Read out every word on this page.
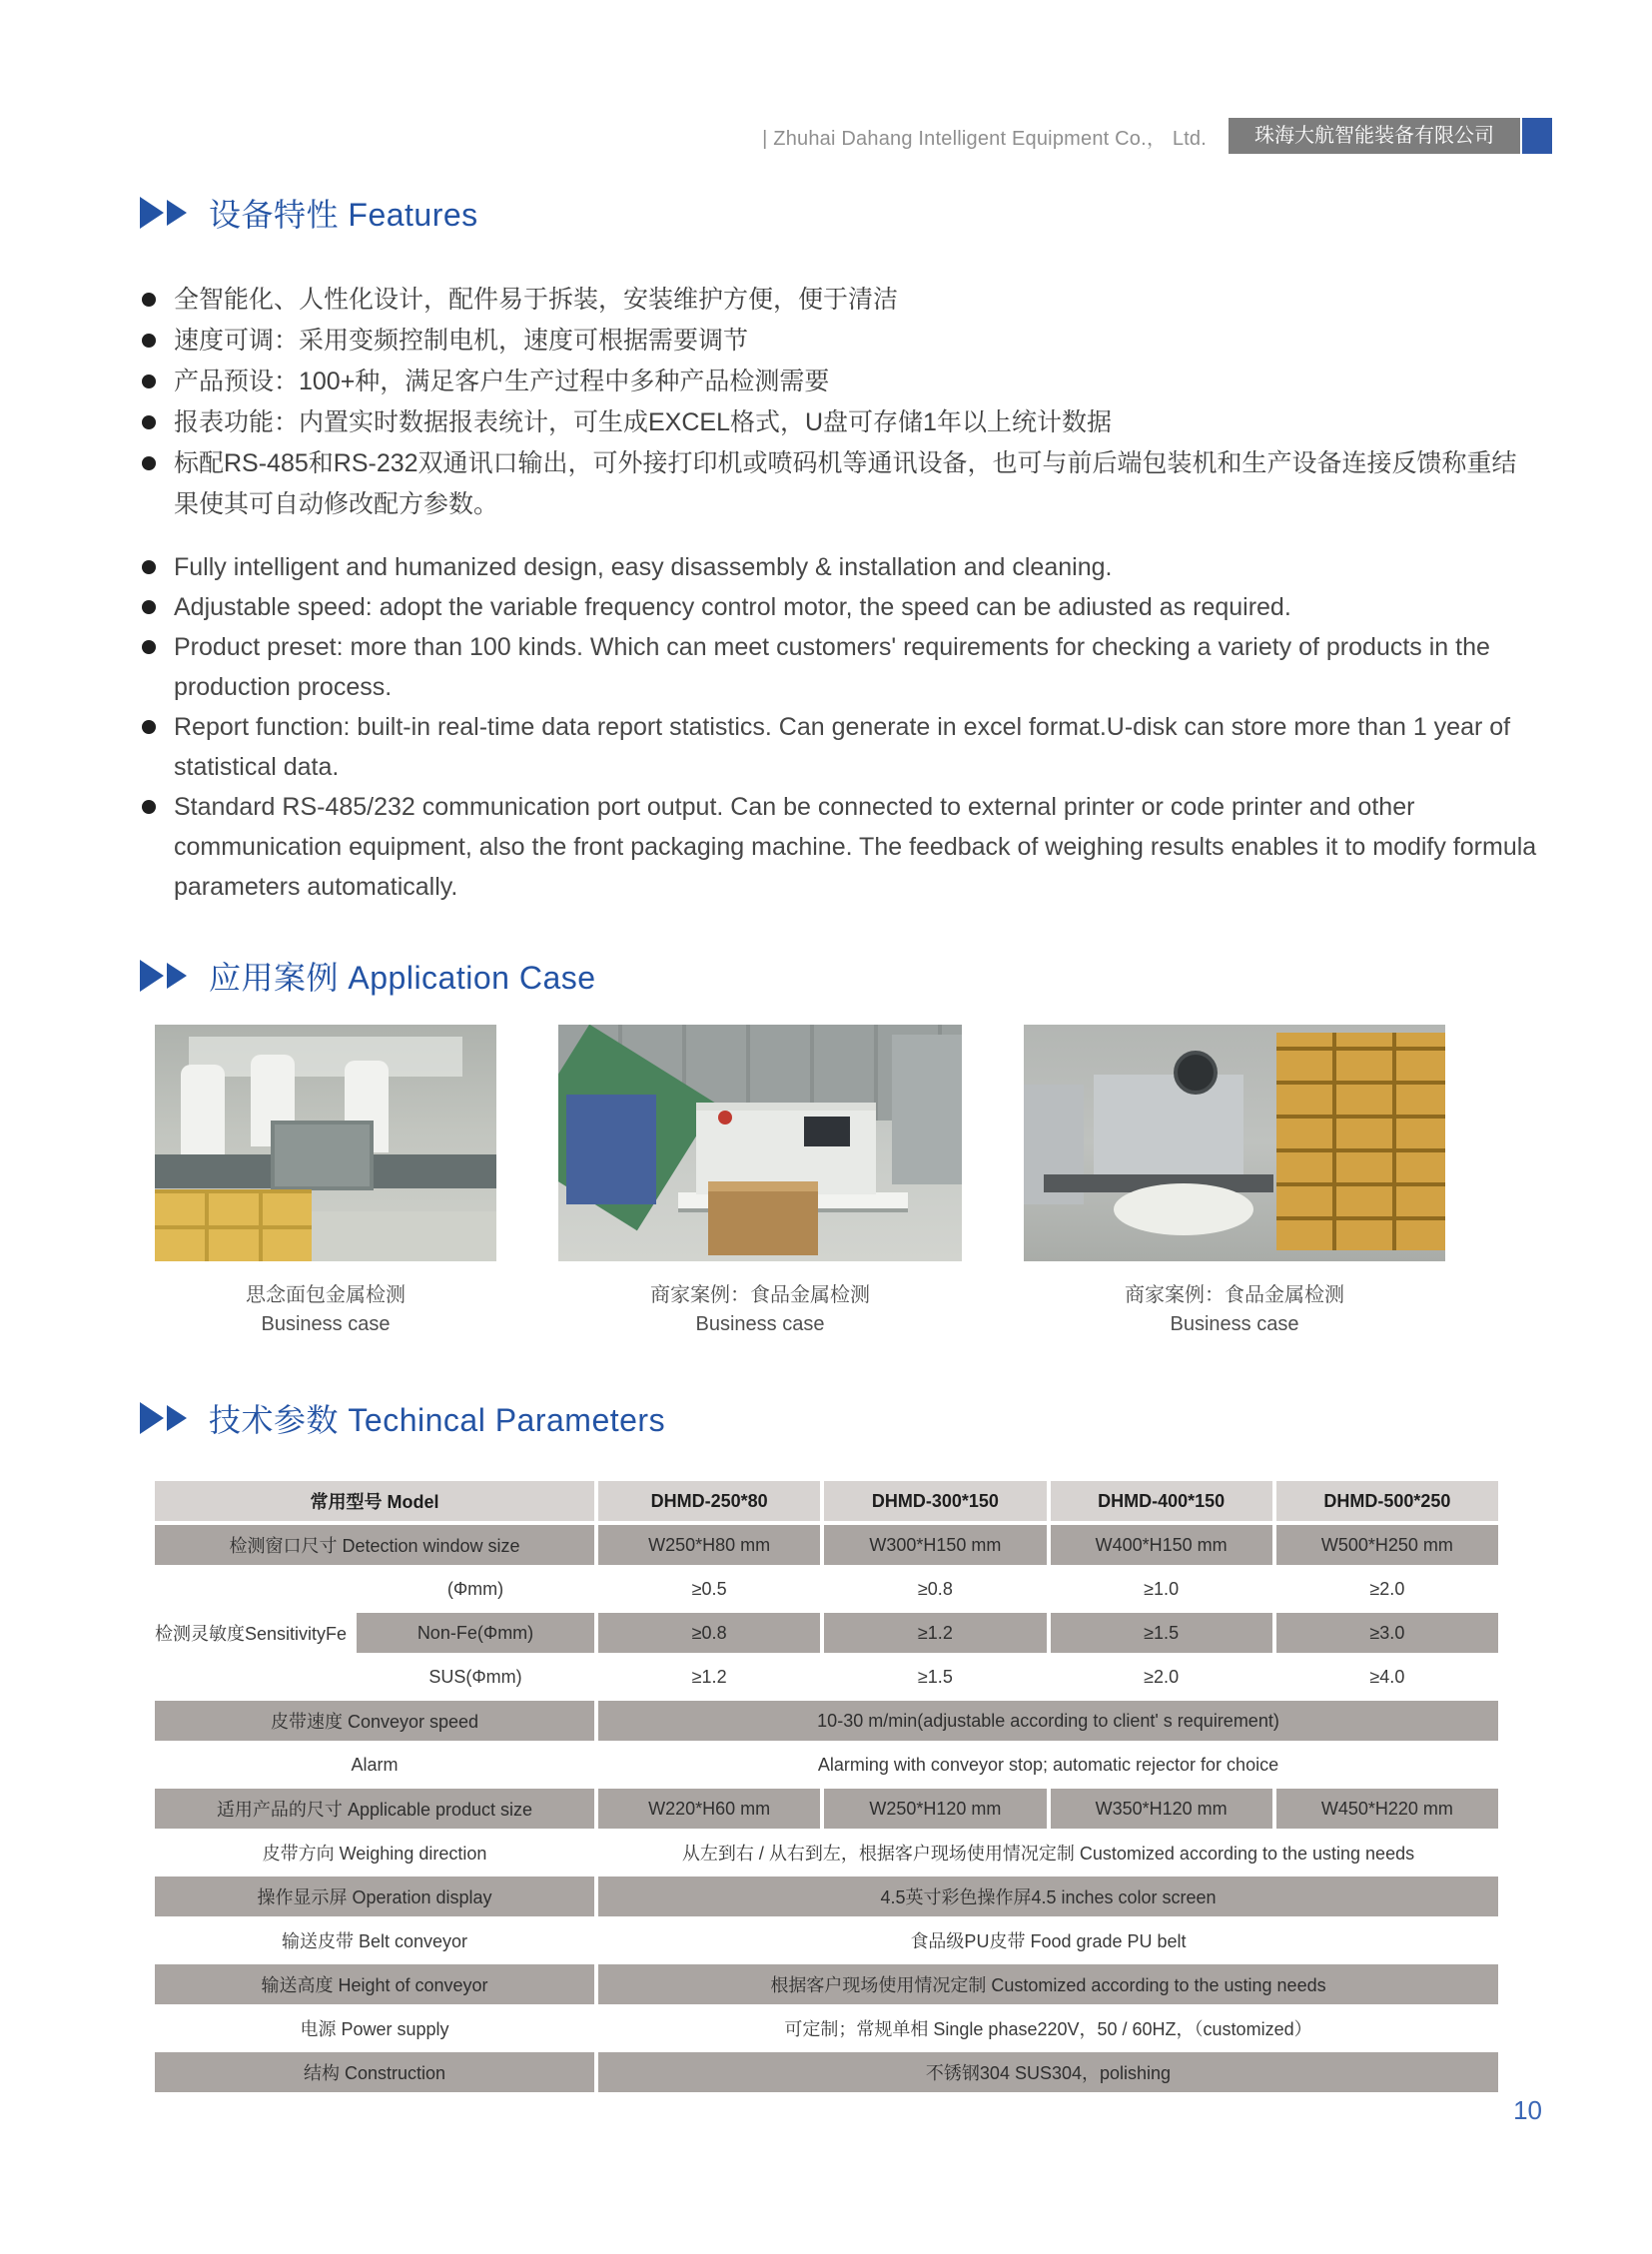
| Zhuhai Dahang Intelligent Equipment Co.， Ltd.	珠海大航智能装备有限公司
设备特性 Features
全智能化、人性化设计，配件易于拆装，安装维护方便，便于清洁
速度可调：采用变频控制电机，速度可根据需要调节
产品预设：100+种，满足客户生产过程中多种产品检测需要
报表功能：内置实时数据报表统计，可生成EXCEL格式，U盘可存储1年以上统计数据
标配RS-485和RS-232双通讯口输出，可外接打印机或喷码机等通讯设备，也可与前后端包装机和生产设备连接反馈称重结果使其可自动修改配方参数。
Fully intelligent and humanized design, easy disassembly & installation and cleaning.
Adjustable speed: adopt the variable frequency control motor, the speed can be adiusted as required.
Product preset: more than 100 kinds. Which can meet customers' requirements for checking a variety of products in the production process.
Report function: built-in real-time data report statistics. Can generate in excel format.U-disk can store more than 1 year of statistical data.
Standard RS-485/232 communication port output. Can be connected to external printer or code printer and other communication equipment, also the front packaging machine. The feedback of weighing results enables it to modify formula parameters automatically.
应用案例 Application Case
思念面包金属检测
Business case
商家案例：食品金属检测
Business case
商家案例：食品金属检测
Business case
技术参数 Techincal Parameters
常用型号 Model	DHMD-250*80	DHMD-300*150	DHMD-400*150	DHMD-500*250
检测窗口尺寸 Detection window size	W250*H80 mm	W300*H150 mm	W400*H150 mm	W500*H250 mm
检测灵敏度SensitivityFe
(Φmm)	≥0.5	≥0.8	≥1.0	≥2.0
Non-Fe(Φmm)	≥0.8	≥1.2	≥1.5	≥3.0
SUS(Φmm)	≥1.2	≥1.5	≥2.0	≥4.0
皮带速度 Conveyor speed	10-30 m/min(adjustable according to client' s requirement)
Alarm	Alarming with conveyor stop; automatic rejector for choice
适用产品的尺寸 Applicable product size	W220*H60 mm	W250*H120 mm	W350*H120 mm	W450*H220 mm
皮带方向 Weighing direction	从左到右 / 从右到左，根据客户现场使用情况定制 Customized according to the usting needs
操作显示屏 Operation display	4.5英寸彩色操作屏4.5 inches color screen
输送皮带 Belt conveyor	食品级PU皮带 Food grade PU belt
输送高度 Height of conveyor	根据客户现场使用情况定制 Customized according to the usting needs
电源 Power supply	可定制；常规单相 Single phase220V，50 / 60HZ，（customized）
结构 Construction	不锈钢304 SUS304，polishing
10
